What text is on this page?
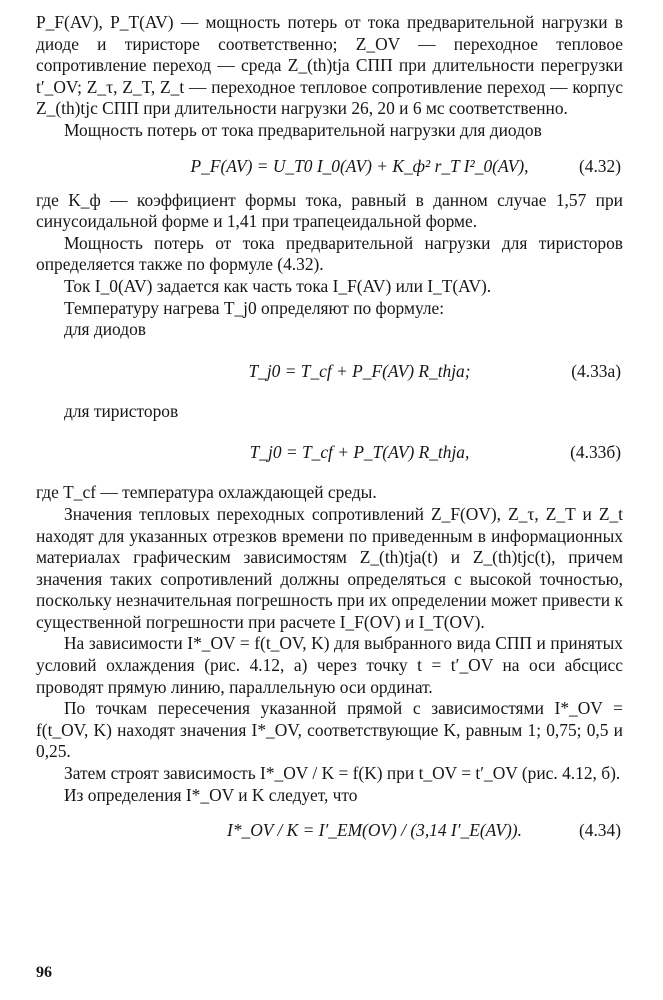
P_F(AV), P_T(AV) — мощность потерь от тока предварительной нагрузки в диоде и тиристоре соответственно; Z_OV — переходное тепловое сопротивление переход — среда Z_(th)tja СПП при длительности перегрузки t′_OV; Z_τ, Z_T, Z_t — переходное тепловое сопротивление переход — корпус Z_(th)tjc СПП при длительности нагрузки 26, 20 и 6 мс соответственно.

Мощность потерь от тока предварительной нагрузки для диодов

P_F(AV) = U_T0 I_0(AV) + K_ф² r_T I²_0(AV),	(4.32)

где K_ф — коэффициент формы тока, равный в данном случае 1,57 при синусоидальной форме и 1,41 при трапецеидальной форме.

Мощность потерь от тока предварительной нагрузки для тиристоров определяется также по формуле (4.32).

Ток I_0(AV) задается как часть тока I_F(AV) или I_T(AV).

Температуру нагрева T_j0 определяют по формуле:

для диодов

T_j0 = T_cf + P_F(AV) R_thja;	(4.33а)

для тиристоров

T_j0 = T_cf + P_T(AV) R_thja,	(4.33б)

где T_cf — температура охлаждающей среды.

Значения тепловых переходных сопротивлений Z_F(OV), Z_τ, Z_T и Z_t находят для указанных отрезков времени по приведенным в информационных материалах графическим зависимостям Z_(th)tja(t) и Z_(th)tjc(t), причем значения таких сопротивлений должны определяться с высокой точностью, поскольку незначительная погрешность при их определении может привести к существенной погрешности при расчете I_F(OV) и I_T(OV).

На зависимости I*_OV = f(t_OV, K) для выбранного вида СПП и принятых условий охлаждения (рис. 4.12, а) через точку t = t′_OV на оси абсцисс проводят прямую линию, параллельную оси ординат.

По точкам пересечения указанной прямой с зависимостями I*_OV = f(t_OV, K) находят значения I*_OV, соответствующие K, равным 1; 0,75; 0,5 и 0,25.

Затем строят зависимость I*_OV / K = f(K) при t_OV = t′_OV (рис. 4.12, б).

Из определения I*_OV и K следует, что

I*_OV / K = I′_EM(OV) / (3,14 I′_E(AV)).	(4.34)
96
